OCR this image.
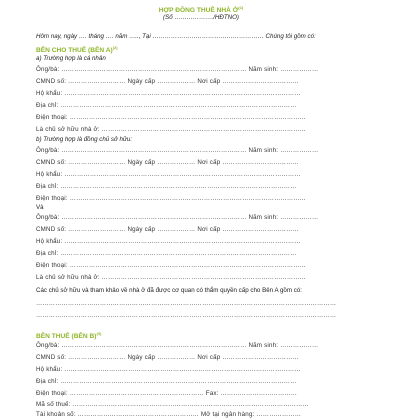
HỢP ĐỒNG THUÊ NHÀ Ở$^{(1)}$
(Số ………………./HĐTNO)
Hôm nay, ngày …. tháng …. năm ….., Tại ……………………………………………… Chúng tôi gồm có:
BÊN CHO THUÊ (BÊN A)$^{(2)}$
a) Trường hợp là cá nhân
Ông/bà: …………………………………………………………………………… Năm sinh: ………………
CMND số: ……………………… Ngày cấp ……………… Nơi cấp ………………………………
Hộ khẩu: …………………………………………………………………………………………………
Địa chỉ: …………………………………………………………………………………………………
Điện thoại: …………………………………………………………………………………………………
Là chủ sở hữu nhà ở: ……………………………………………………………………………………
b) Trường hợp là đồng chủ sở hữu:
Ông/bà: …………………………………………………………………………… Năm sinh: ………………
CMND số: ……………………… Ngày cấp ……………… Nơi cấp ………………………………
Hộ khẩu: …………………………………………………………………………………………………
Địa chỉ: …………………………………………………………………………………………………
Điện thoại: …………………………………………………………………………………………………
Và
Ông/bà: …………………………………………………………………………… Năm sinh: ………………
CMND số: ……………………… Ngày cấp ……………… Nơi cấp ………………………………
Hộ khẩu: …………………………………………………………………………………………………
Địa chỉ: …………………………………………………………………………………………………
Điện thoại: …………………………………………………………………………………………………
Là chủ sở hữu nhà ở: ……………………………………………………………………………………
Các chủ sở hữu và tham khảo về nhà ở đã được cơ quan có thẩm quyền cấp cho Bên A gồm có:
……………………………………………………………………………………………………………………………
……………………………………………………………………………………………………………………………
BÊN THUÊ (BÊN B)$^{(3)}$
Ông/bà: …………………………………………………………………………… Năm sinh: ………………
CMND số: ……………………… Ngày cấp ……………… Nơi cấp ………………………………
Hộ khẩu: …………………………………………………………………………………………………
Địa chỉ: …………………………………………………………………………………………………
Điện thoại: ……………………………………………………… Fax: ………………………………
Mã số thuế: …………………………………………………………………………………………………
Tài khoản số: ………………………………………………… Mở tại ngân hàng: …………………
